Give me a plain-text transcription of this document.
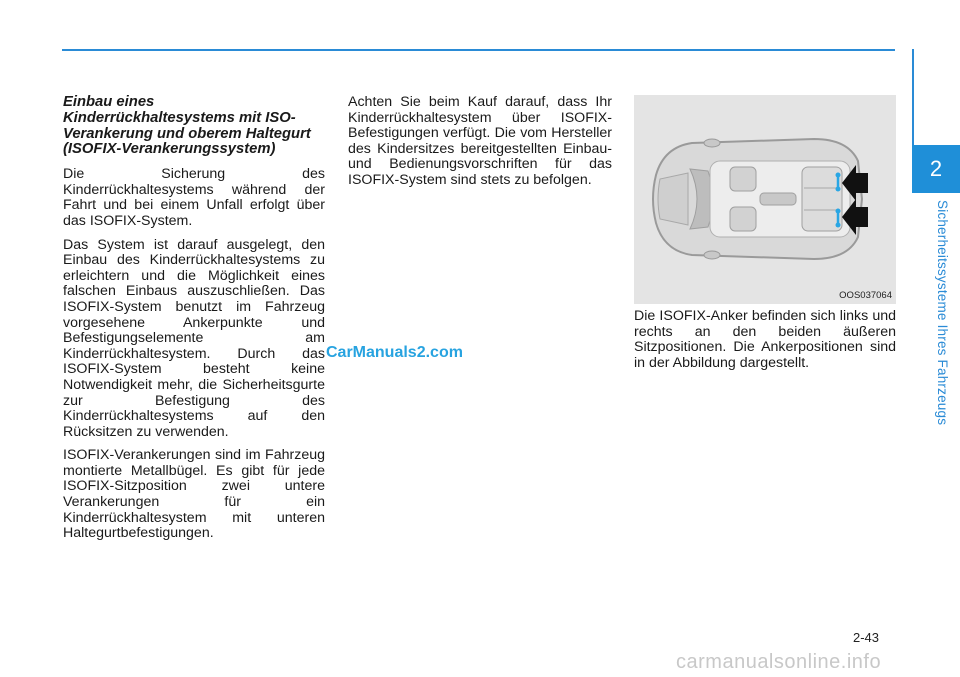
2
Sicherheitssysteme Ihres Fahrzeugs
Einbau eines Kinderrückhaltesystems mit ISO-Verankerung und oberem Haltegurt (ISOFIX-Verankerungssystem)

Die Sicherung des Kinderrückhaltesystems während der Fahrt und bei einem Unfall erfolgt über das ISOFIX-System.

Das System ist darauf ausgelegt, den Einbau des Kinderrückhaltesystems zu erleichtern und die Möglichkeit eines falschen Einbaus auszuschließen. Das ISOFIX-System benutzt im Fahrzeug vorgesehene Ankerpunkte und Befestigungselemente am Kinderrückhaltesystem. Durch das ISOFIX-System besteht keine Notwendigkeit mehr, die Sicherheitsgurte zur Befestigung des Kinderrückhaltesystems auf den Rücksitzen zu verwenden.

ISOFIX-Verankerungen sind im Fahrzeug montierte Metallbügel. Es gibt für jede ISOFIX-Sitzposition zwei untere Verankerungen für ein Kinderrückhaltesystem mit unteren Haltegurtbefestigungen.

Achten Sie beim Kauf darauf, dass Ihr Kinderrückhaltesystem über ISOFIX-Befestigungen verfügt. Die vom Hersteller des Kindersitzes bereitgestellten Einbau- und Bedienungsvorschriften für das ISOFIX-System sind stets zu befolgen.

OOS037064

Die ISOFIX-Anker befinden sich links und rechts an den beiden äußeren Sitzpositionen. Die Ankerpositionen sind in der Abbildung dargestellt.

CarManuals2.com
2-43
carmanualsonline.info
